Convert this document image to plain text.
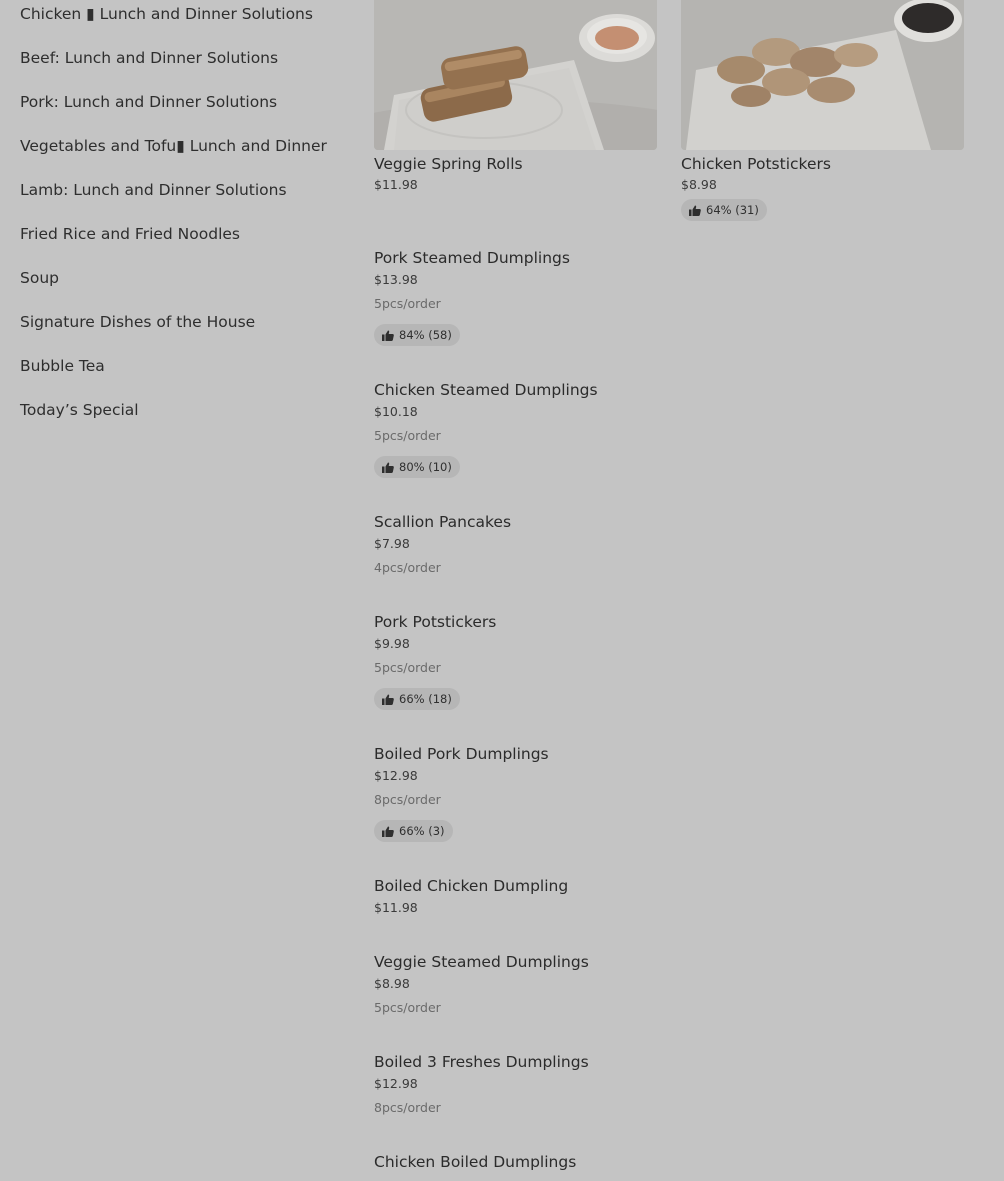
Chicken ▮ Lunch and Dinner Solutions
Beef: Lunch and Dinner Solutions
Pork: Lunch and Dinner Solutions
Vegetables and Tofu▮ Lunch and Dinner
Lamb: Lunch and Dinner Solutions
Fried Rice and Fried Noodles
Soup
Signature Dishes of the House
Bubble Tea
Today’s Special
Veggie Spring Rolls
$11.98
Chicken Potstickers
$8.98
64% (31)
Pork Steamed Dumplings
$13.98
5pcs/order
84% (58)
Chicken Steamed Dumplings
$10.18
5pcs/order
80% (10)
Scallion Pancakes
$7.98
4pcs/order
Pork Potstickers
$9.98
5pcs/order
66% (18)
Boiled Pork Dumplings
$12.98
8pcs/order
66% (3)
Boiled Chicken Dumpling
$11.98
Veggie Steamed Dumplings
$8.98
5pcs/order
Boiled 3 Freshes Dumplings
$12.98
8pcs/order
Chicken Boiled Dumplings
